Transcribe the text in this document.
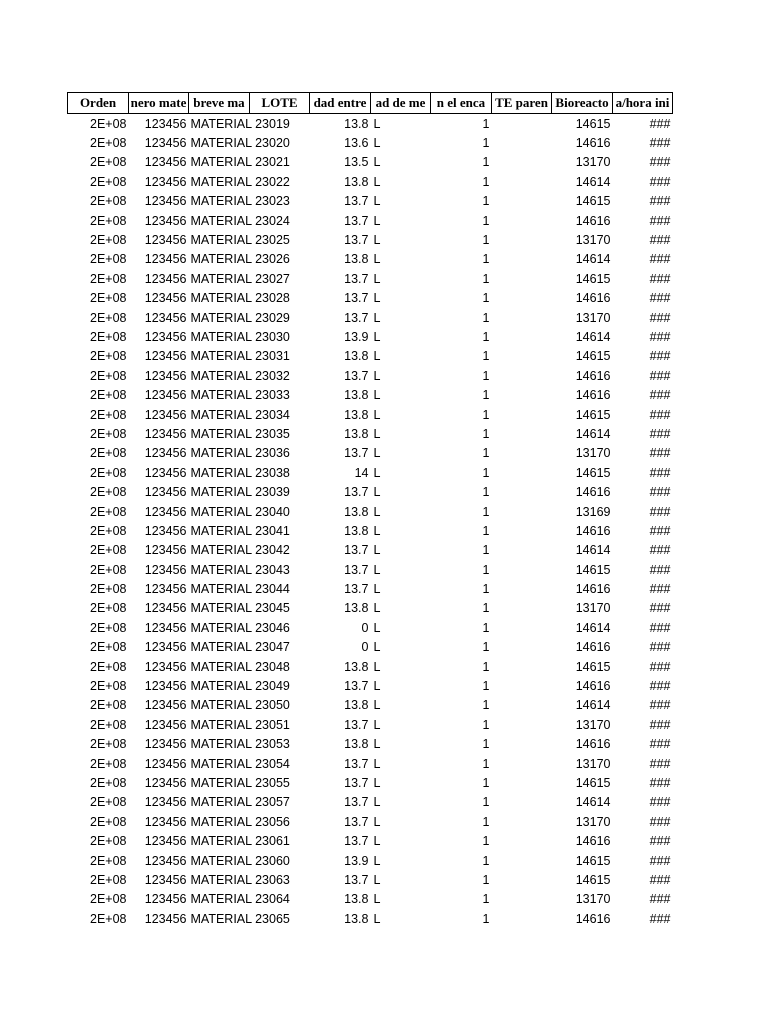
Orden	nero mate	breve ma	LOTE	dad entre	ad de me	n el enca	TE paren	Bioreacto	a/hora ini
2E+08	123456	MATERIAL 23019		13.8	L	1		14615	###
2E+08	123456	MATERIAL 23020		13.6	L	1		14616	###
2E+08	123456	MATERIAL 23021		13.5	L	1		13170	###
2E+08	123456	MATERIAL 23022		13.8	L	1		14614	###
2E+08	123456	MATERIAL 23023		13.7	L	1		14615	###
2E+08	123456	MATERIAL 23024		13.7	L	1		14616	###
2E+08	123456	MATERIAL 23025		13.7	L	1		13170	###
2E+08	123456	MATERIAL 23026		13.8	L	1		14614	###
2E+08	123456	MATERIAL 23027		13.7	L	1		14615	###
2E+08	123456	MATERIAL 23028		13.7	L	1		14616	###
2E+08	123456	MATERIAL 23029		13.7	L	1		13170	###
2E+08	123456	MATERIAL 23030		13.9	L	1		14614	###
2E+08	123456	MATERIAL 23031		13.8	L	1		14615	###
2E+08	123456	MATERIAL 23032		13.7	L	1		14616	###
2E+08	123456	MATERIAL 23033		13.8	L	1		14616	###
2E+08	123456	MATERIAL 23034		13.8	L	1		14615	###
2E+08	123456	MATERIAL 23035		13.8	L	1		14614	###
2E+08	123456	MATERIAL 23036		13.7	L	1		13170	###
2E+08	123456	MATERIAL 23038		14	L	1		14615	###
2E+08	123456	MATERIAL 23039		13.7	L	1		14616	###
2E+08	123456	MATERIAL 23040		13.8	L	1		13169	###
2E+08	123456	MATERIAL 23041		13.8	L	1		14616	###
2E+08	123456	MATERIAL 23042		13.7	L	1		14614	###
2E+08	123456	MATERIAL 23043		13.7	L	1		14615	###
2E+08	123456	MATERIAL 23044		13.7	L	1		14616	###
2E+08	123456	MATERIAL 23045		13.8	L	1		13170	###
2E+08	123456	MATERIAL 23046		0	L	1		14614	###
2E+08	123456	MATERIAL 23047		0	L	1		14616	###
2E+08	123456	MATERIAL 23048		13.8	L	1		14615	###
2E+08	123456	MATERIAL 23049		13.7	L	1		14616	###
2E+08	123456	MATERIAL 23050		13.8	L	1		14614	###
2E+08	123456	MATERIAL 23051		13.7	L	1		13170	###
2E+08	123456	MATERIAL 23053		13.8	L	1		14616	###
2E+08	123456	MATERIAL 23054		13.7	L	1		13170	###
2E+08	123456	MATERIAL 23055		13.7	L	1		14615	###
2E+08	123456	MATERIAL 23057		13.7	L	1		14614	###
2E+08	123456	MATERIAL 23056		13.7	L	1		13170	###
2E+08	123456	MATERIAL 23061		13.7	L	1		14616	###
2E+08	123456	MATERIAL 23060		13.9	L	1		14615	###
2E+08	123456	MATERIAL 23063		13.7	L	1		14615	###
2E+08	123456	MATERIAL 23064		13.8	L	1		13170	###
2E+08	123456	MATERIAL 23065		13.8	L	1		14616	###
